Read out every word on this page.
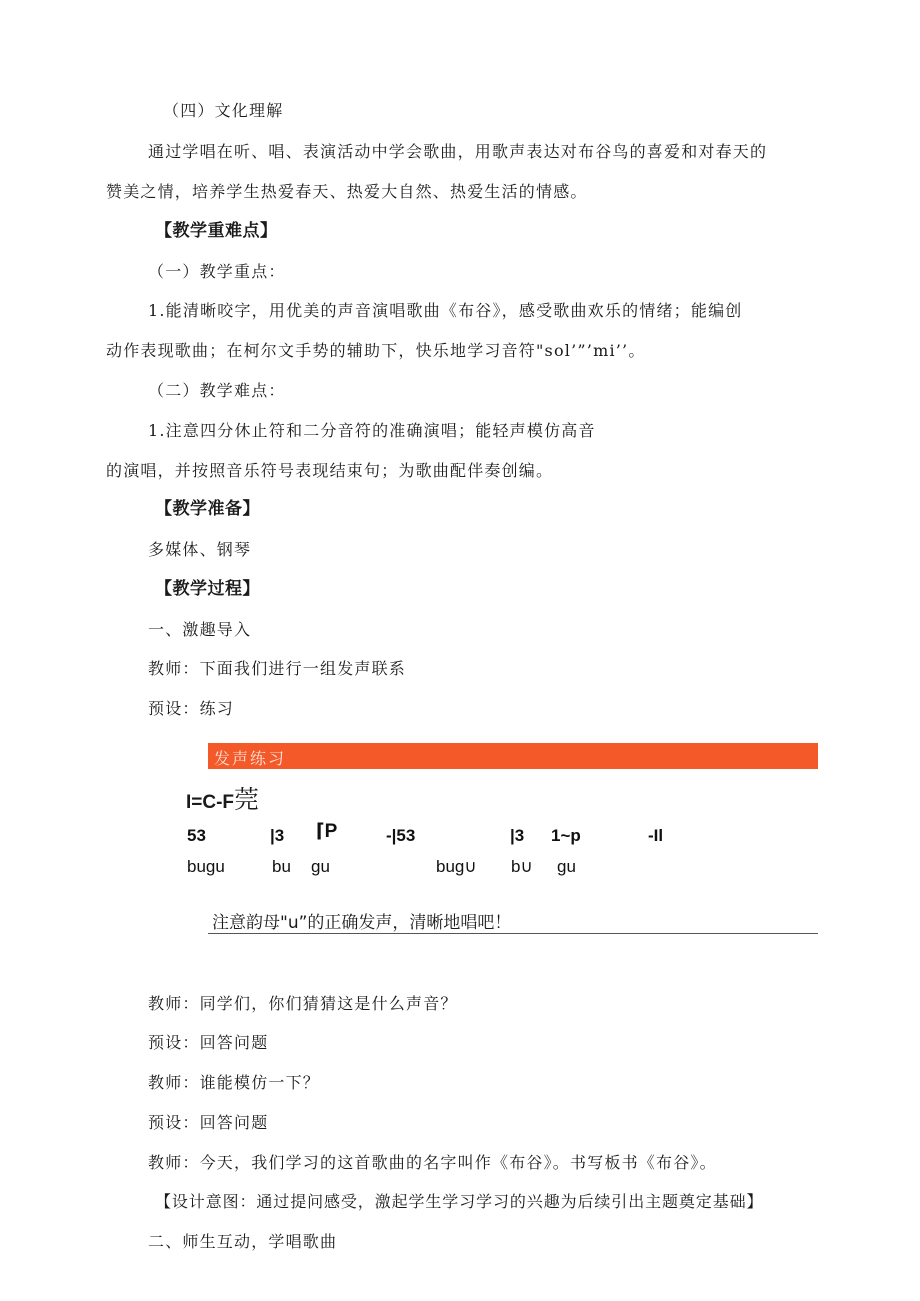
（四）文化理解
通过学唱在听、唱、表演活动中学会歌曲，用歌声表达对布谷鸟的喜爱和对春天的
赞美之情，培养学生热爱春天、热爱大自然、热爱生活的情感。
【教学重难点】
（一）教学重点：
1.能清晰咬字，用优美的声音演唱歌曲《布谷》，感受歌曲欢乐的情绪；能编创
动作表现歌曲；在柯尔文手势的辅助下，快乐地学习音符"sol’”’mi’’。
（二）教学难点：
1.注意四分休止符和二分音符的准确演唱；能轻声模仿高音
的演唱，并按照音乐符号表现结束句；为歌曲配伴奏创编。
【教学准备】
多媒体、钢琴
【教学过程】
一、激趣导入
教师：下面我们进行一组发声联系
预设：练习
发声练习
I=C-F莞
53	|3 ⌈P	-|53	|3 1~p	-Il
bugu	bu gu	bug∪ b∪ gu
注意韵母"u”的正确发声，清晰地唱吧！
教师：同学们，你们猜猜这是什么声音？
预设：回答问题
教师：谁能模仿一下？
预设：回答问题
教师：今天，我们学习的这首歌曲的名字叫作《布谷》。书写板书《布谷》。
【设计意图：通过提问感受，激起学生学习学习的兴趣为后续引出主题奠定基础】
二、师生互动，学唱歌曲
